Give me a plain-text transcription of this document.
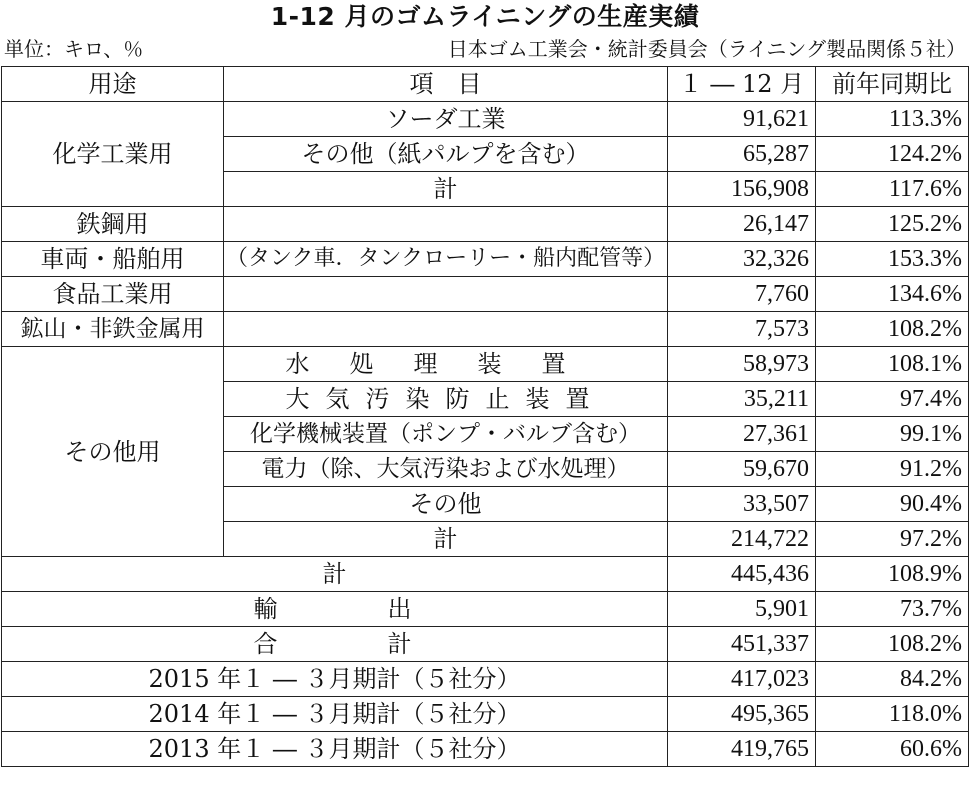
1-12 月のゴムライニングの生産実績
単位：キロ、％	日本ゴム工業会・統計委員会（ライニング製品関係５社）
用途	項　目	１ ― 12 月	前年同期比
化学工業用	ソーダ工業	91,621	113.3%
	その他（紙パルプを含む）	65,287	124.2%
	計	156,908	117.6%
鉄鋼用		26,147	125.2%
車両・船舶用	（タンク車．タンクローリー・船内配管等）	32,326	153.3%
食品工業用		7,760	134.6%
鉱山・非鉄金属用		7,573	108.2%
その他用	水処理装置	58,973	108.1%
	大気汚染防止装置	35,211	97.4%
	化学機械装置（ポンプ・バルブ含む）	27,361	99.1%
	電力（除、大気汚染および水処理）	59,670	91.2%
	その他	33,507	90.4%
	計	214,722	97.2%
計		445,436	108.9%
輸出		5,901	73.7%
合計		451,337	108.2%
2015 年１ ― ３月期計（５社分）		417,023	84.2%
2014 年１ ― ３月期計（５社分）		495,365	118.0%
2013 年１ ― ３月期計（５社分）		419,765	60.6%
